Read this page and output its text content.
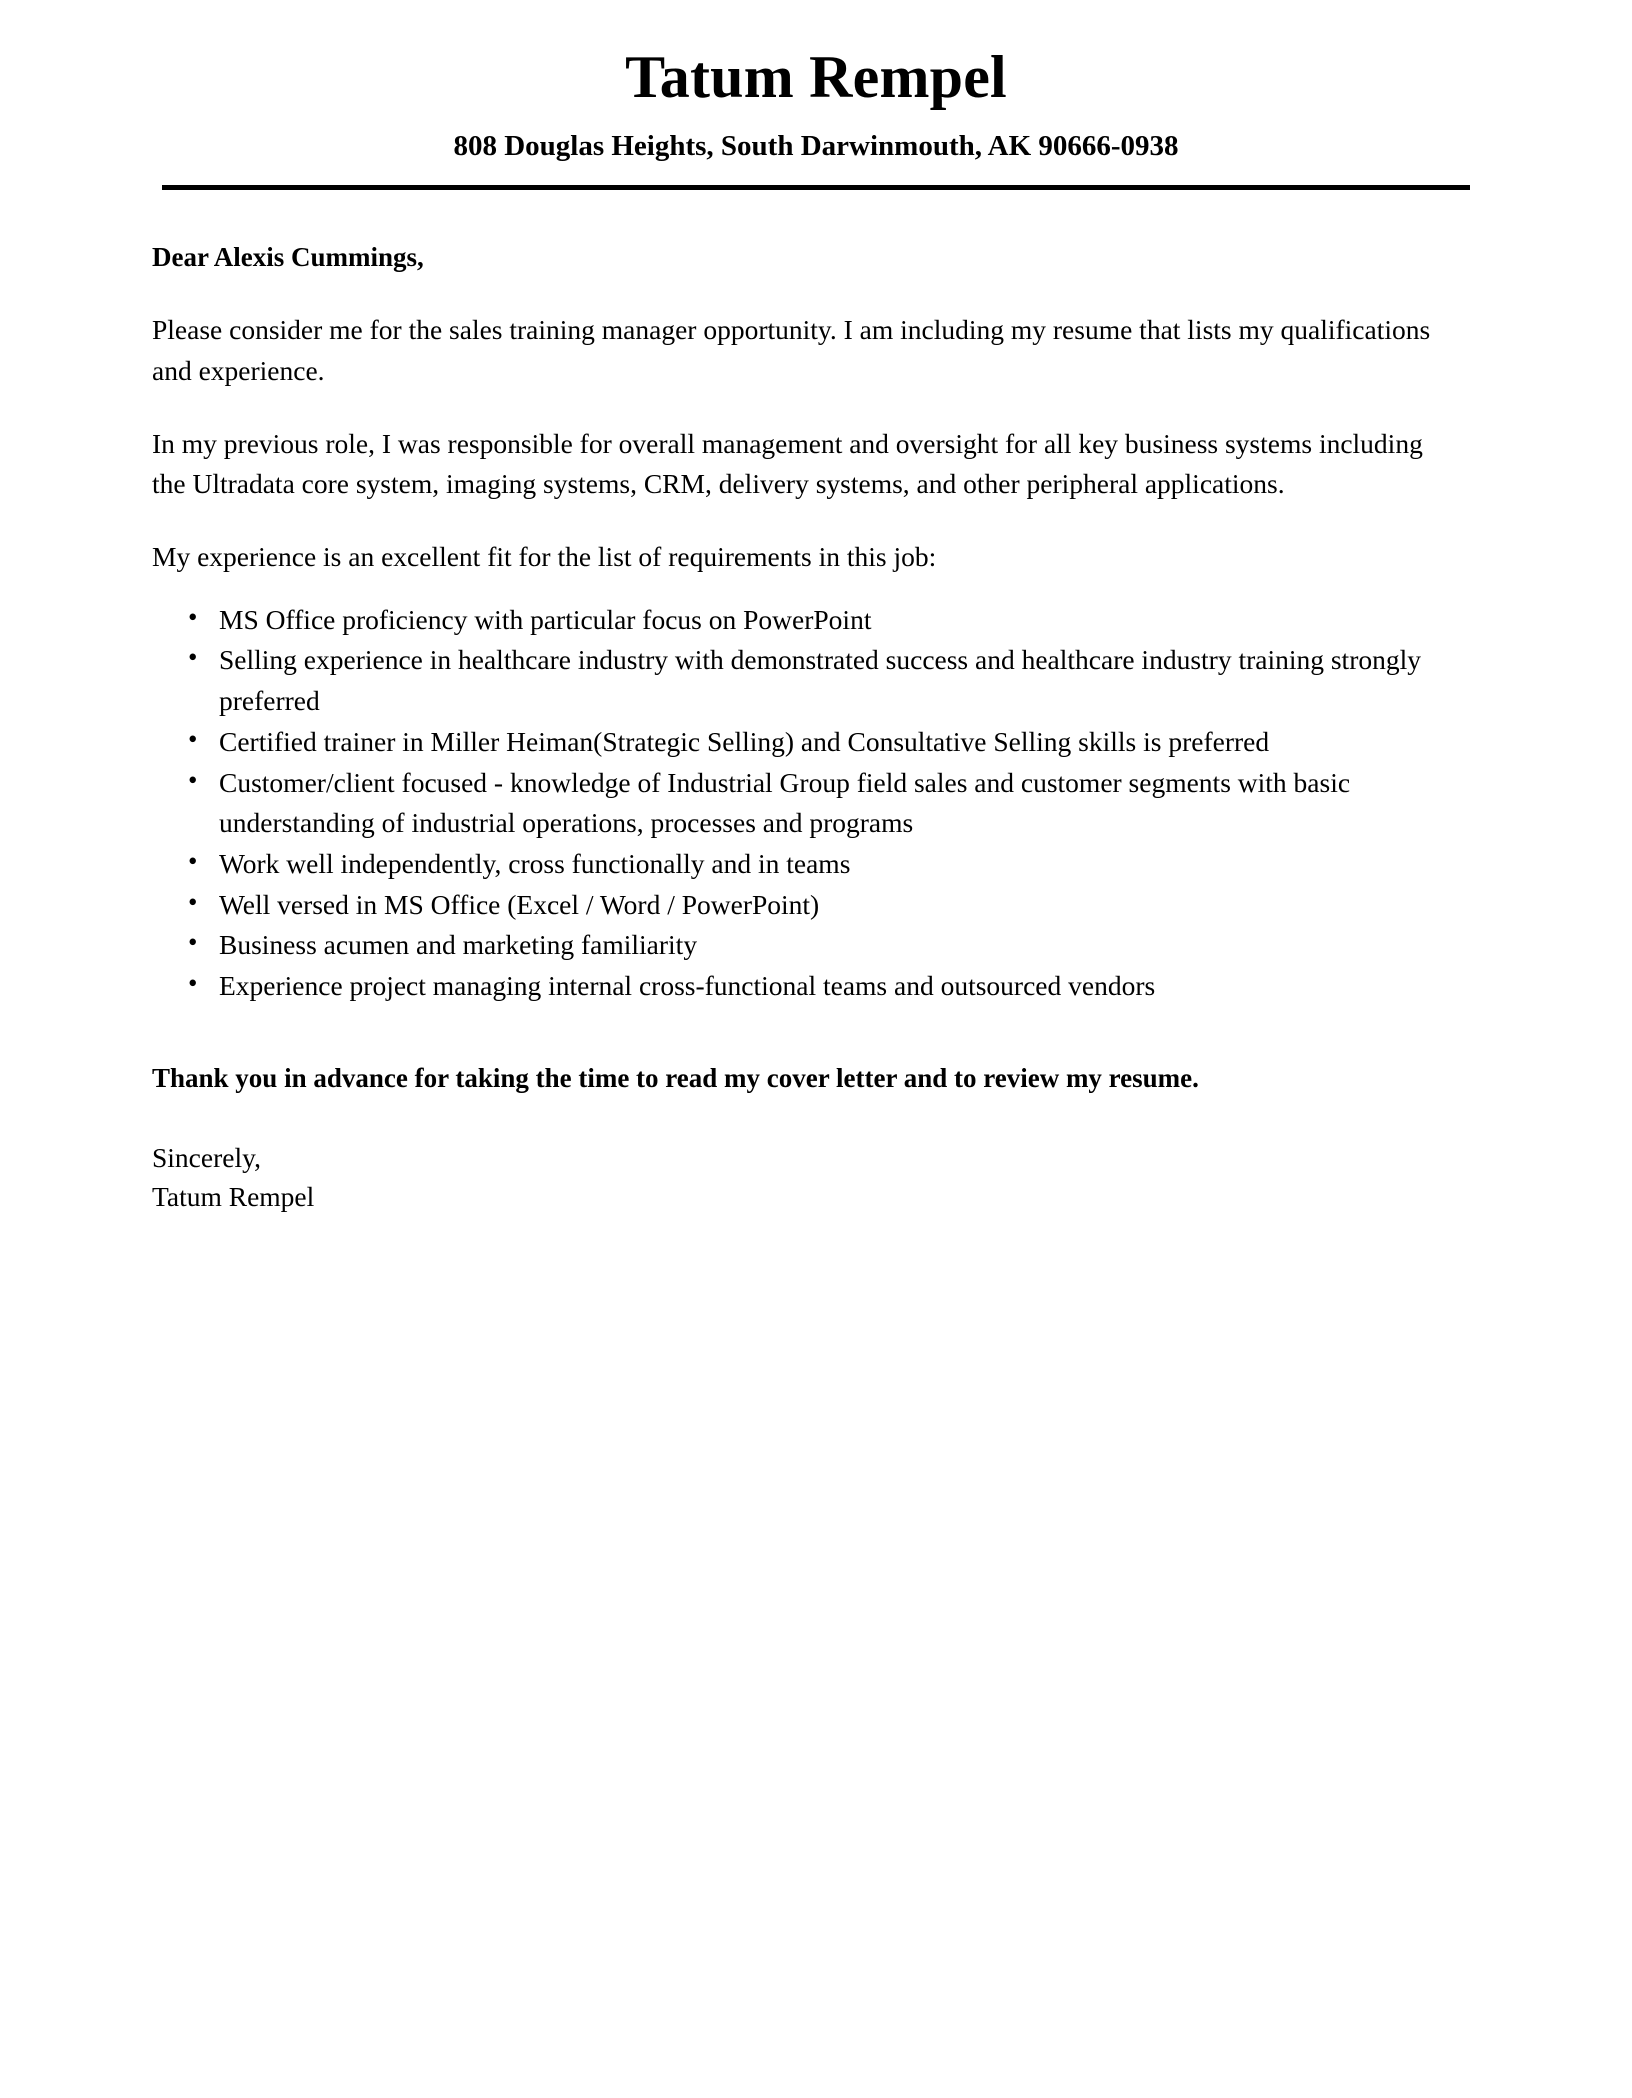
Tatum Rempel
808 Douglas Heights, South Darwinmouth, AK 90666-0938

Dear Alexis Cummings,

Please consider me for the sales training manager opportunity. I am including my resume that lists my qualifications and experience.

In my previous role, I was responsible for overall management and oversight for all key business systems including the Ultradata core system, imaging systems, CRM, delivery systems, and other peripheral applications.

My experience is an excellent fit for the list of requirements in this job:

• MS Office proficiency with particular focus on PowerPoint
• Selling experience in healthcare industry with demonstrated success and healthcare industry training strongly preferred
• Certified trainer in Miller Heiman(Strategic Selling) and Consultative Selling skills is preferred
• Customer/client focused - knowledge of Industrial Group field sales and customer segments with basic understanding of industrial operations, processes and programs
• Work well independently, cross functionally and in teams
• Well versed in MS Office (Excel / Word / PowerPoint)
• Business acumen and marketing familiarity
• Experience project managing internal cross-functional teams and outsourced vendors

Thank you in advance for taking the time to read my cover letter and to review my resume.

Sincerely,

Tatum Rempel
